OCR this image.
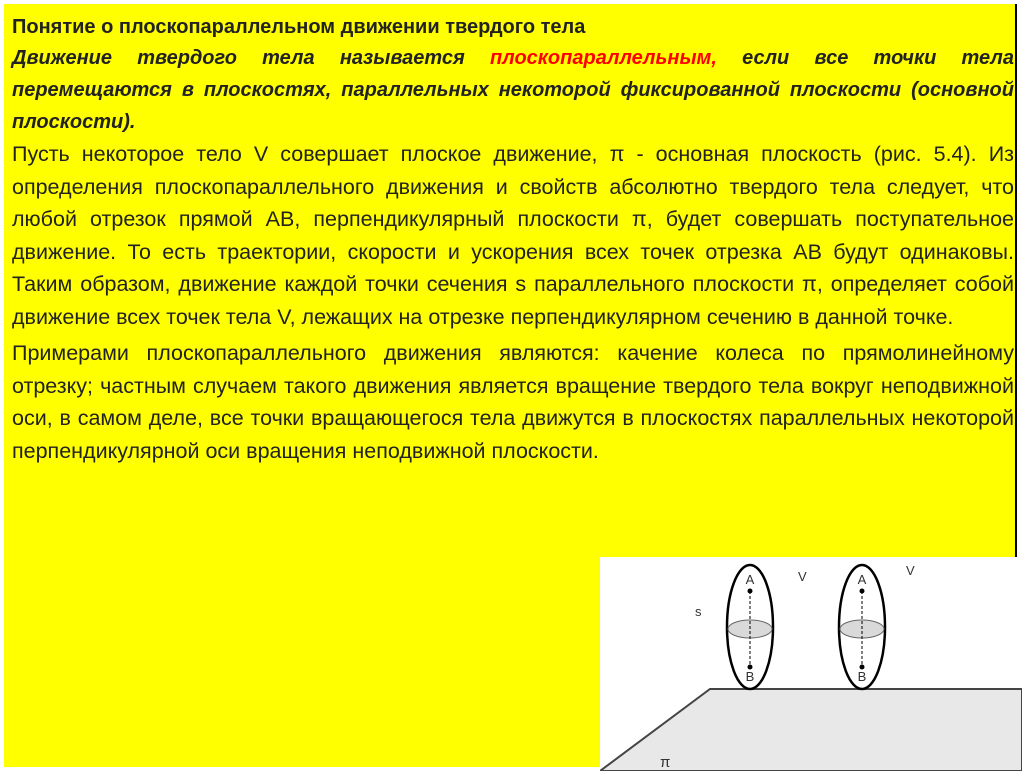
Понятие о плоскопараллельном движении твердого тела

Движение твердого тела называется плоскопараллельным, если все точки тела перемещаются в плоскостях, параллельных некоторой фиксированной плоскости (основной плоскости).

Пусть некоторое тело V совершает плоское движение, π - основная плоскость (рис. 5.4). Из определения плоскопараллельного движения и свойств абсолютно твердого тела следует, что любой отрезок прямой AB, перпендикулярный плоскости π, будет совершать поступательное движение. То есть траектории, скорости и ускорения всех точек отрезка AB будут одинаковы. Таким образом, движение каждой точки сечения s параллельного плоскости π, определяет собой движение всех точек тела V, лежащих на отрезке перпендикулярном сечению в данной точке.

Примерами плоскопараллельного движения являются: качение колеса по прямолинейному отрезку; частным случаем такого движения является вращение твердого тела вокруг неподвижной оси, в самом деле, все точки вращающегося тела движутся в плоскостях параллельных некоторой перпендикулярной оси вращения неподвижной плоскости.

A
B
V
s
A
B
V
π
